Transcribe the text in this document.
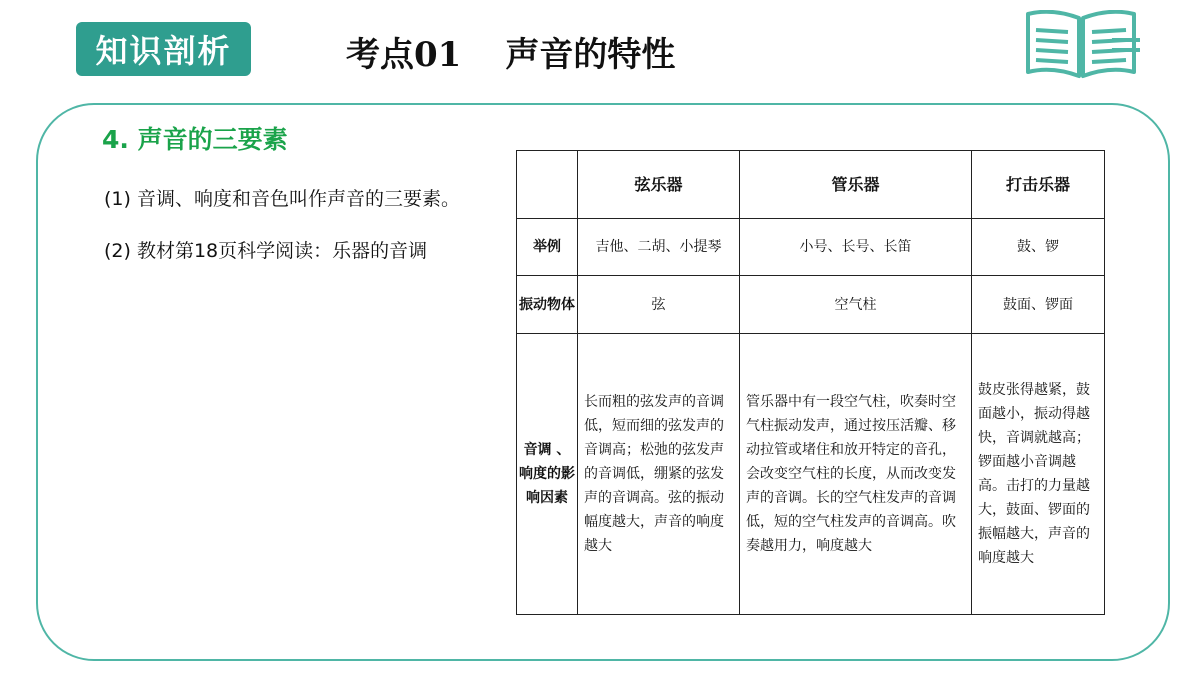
知识剖析	考点01 声音的特性
4. 声音的三要素
(1) 音调、响度和音色叫作声音的三要素。
(2) 教材第18页科学阅读：乐器的音调
	弦乐器	管乐器	打击乐器
举例	吉他、二胡、小提琴	小号、长号、长笛	鼓、锣
振动物体	弦	空气柱	鼓面、锣面
音调 、响度的影响因素	长而粗的弦发声的音调低，短而细的弦发声的音调高；松弛的弦发声的音调低，绷紧的弦发声的音调高。弦的振动幅度越大，声音的响度越大	管乐器中有一段空气柱，吹奏时空气柱振动发声，通过按压活瓣、移动拉管或堵住和放开特定的音孔，会改变空气柱的长度，从而改变发声的音调。长的空气柱发声的音调低，短的空气柱发声的音调高。吹奏越用力，响度越大	鼓皮张得越紧，鼓面越小，振动得越快，音调就越高；锣面越小音调越高。击打的力量越大，鼓面、锣面的振幅越大，声音的响度越大
